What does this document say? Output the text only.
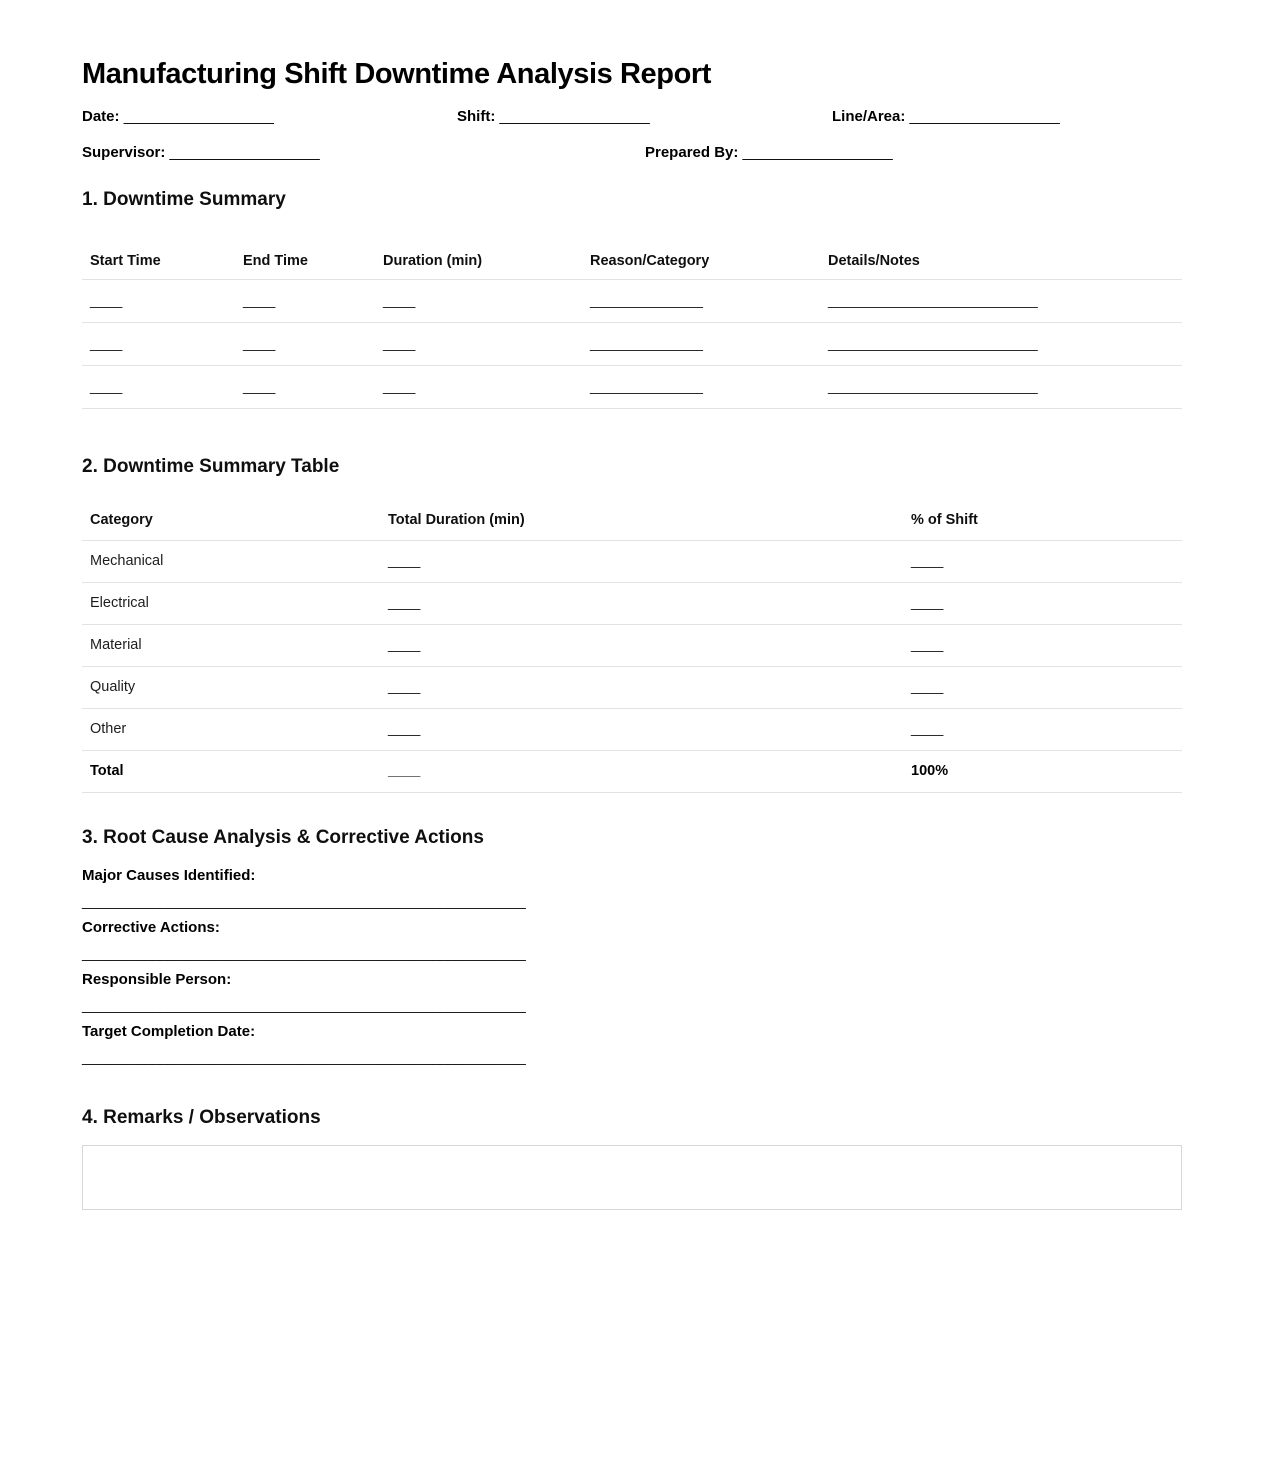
Manufacturing Shift Downtime Analysis Report
Date: __________________	Shift: __________________	Line/Area: __________________
Supervisor: __________________	Prepared By: __________________
1. Downtime Summary
Start Time	End Time	Duration (min)	Reason/Category	Details/Notes
____	____	____	______________	__________________________
____	____	____	______________	__________________________
____	____	____	______________	__________________________
2. Downtime Summary Table
Category	Total Duration (min)	% of Shift
Mechanical	____	____
Electrical	____	____
Material	____	____
Quality	____	____
Other	____	____
Total	____	100%
3. Root Cause Analysis & Corrective Actions
Major Causes Identified:
_________________________________________________________
Corrective Actions:
_________________________________________________________
Responsible Person:
_________________________________________________________
Target Completion Date:
_________________________________________________________
4. Remarks / Observations
